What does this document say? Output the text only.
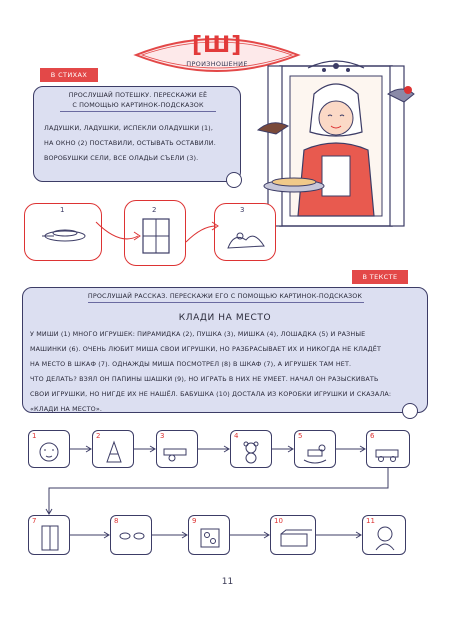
[Ш]
ПРОИЗНОШЕНИЕ
В СТИХАХ
ПРОСЛУШАЙ ПОТЕШКУ. ПЕРЕСКАЖИ ЕЁ
С ПОМОЩЬЮ КАРТИНОК-ПОДСКАЗОК
ЛАДУШКИ, ЛАДУШКИ, ИСПЕКЛИ ОЛАДУШКИ (1),
НА ОКНО (2) ПОСТАВИЛИ, ОСТЫВАТЬ ОСТАВИЛИ.
ВОРОБУШКИ СЕЛИ, ВСЕ ОЛАДЬИ СЪЕЛИ (3).
1	2	3
В ТЕКСТЕ
ПРОСЛУШАЙ РАССКАЗ. ПЕРЕСКАЖИ ЕГО С ПОМОЩЬЮ КАРТИНОК-ПОДСКАЗОК
КЛАДИ НА МЕСТО
У МИШИ (1) МНОГО ИГРУШЕК: ПИРАМИДКА (2), ПУШКА (3), МИШКА (4), ЛОШАДКА (5) И РАЗНЫЕ
МАШИНКИ (6). ОЧЕНЬ ЛЮБИТ МИША СВОИ ИГРУШКИ, НО РАЗБРАСЫВАЕТ ИХ И НИКОГДА НЕ КЛАДЁТ
НА МЕСТО В ШКАФ (7). ОДНАЖДЫ МИША ПОСМОТРЕЛ (8) В ШКАФ (7), А ИГРУШЕК ТАМ НЕТ.
ЧТО ДЕЛАТЬ? ВЗЯЛ ОН ПАПИНЫ ШАШКИ (9), НО ИГРАТЬ В НИХ НЕ УМЕЕТ. НАЧАЛ ОН РАЗЫСКИВАТЬ
СВОИ ИГРУШКИ, НО НИГДЕ ИХ НЕ НАШЁЛ. БАБУШКА (10) ДОСТАЛА ИЗ КОРОБКИ ИГРУШКИ И СКАЗАЛА:
«КЛАДИ НА МЕСТО».
1	2	3	4	5	6
7	8	9	10	11
11
